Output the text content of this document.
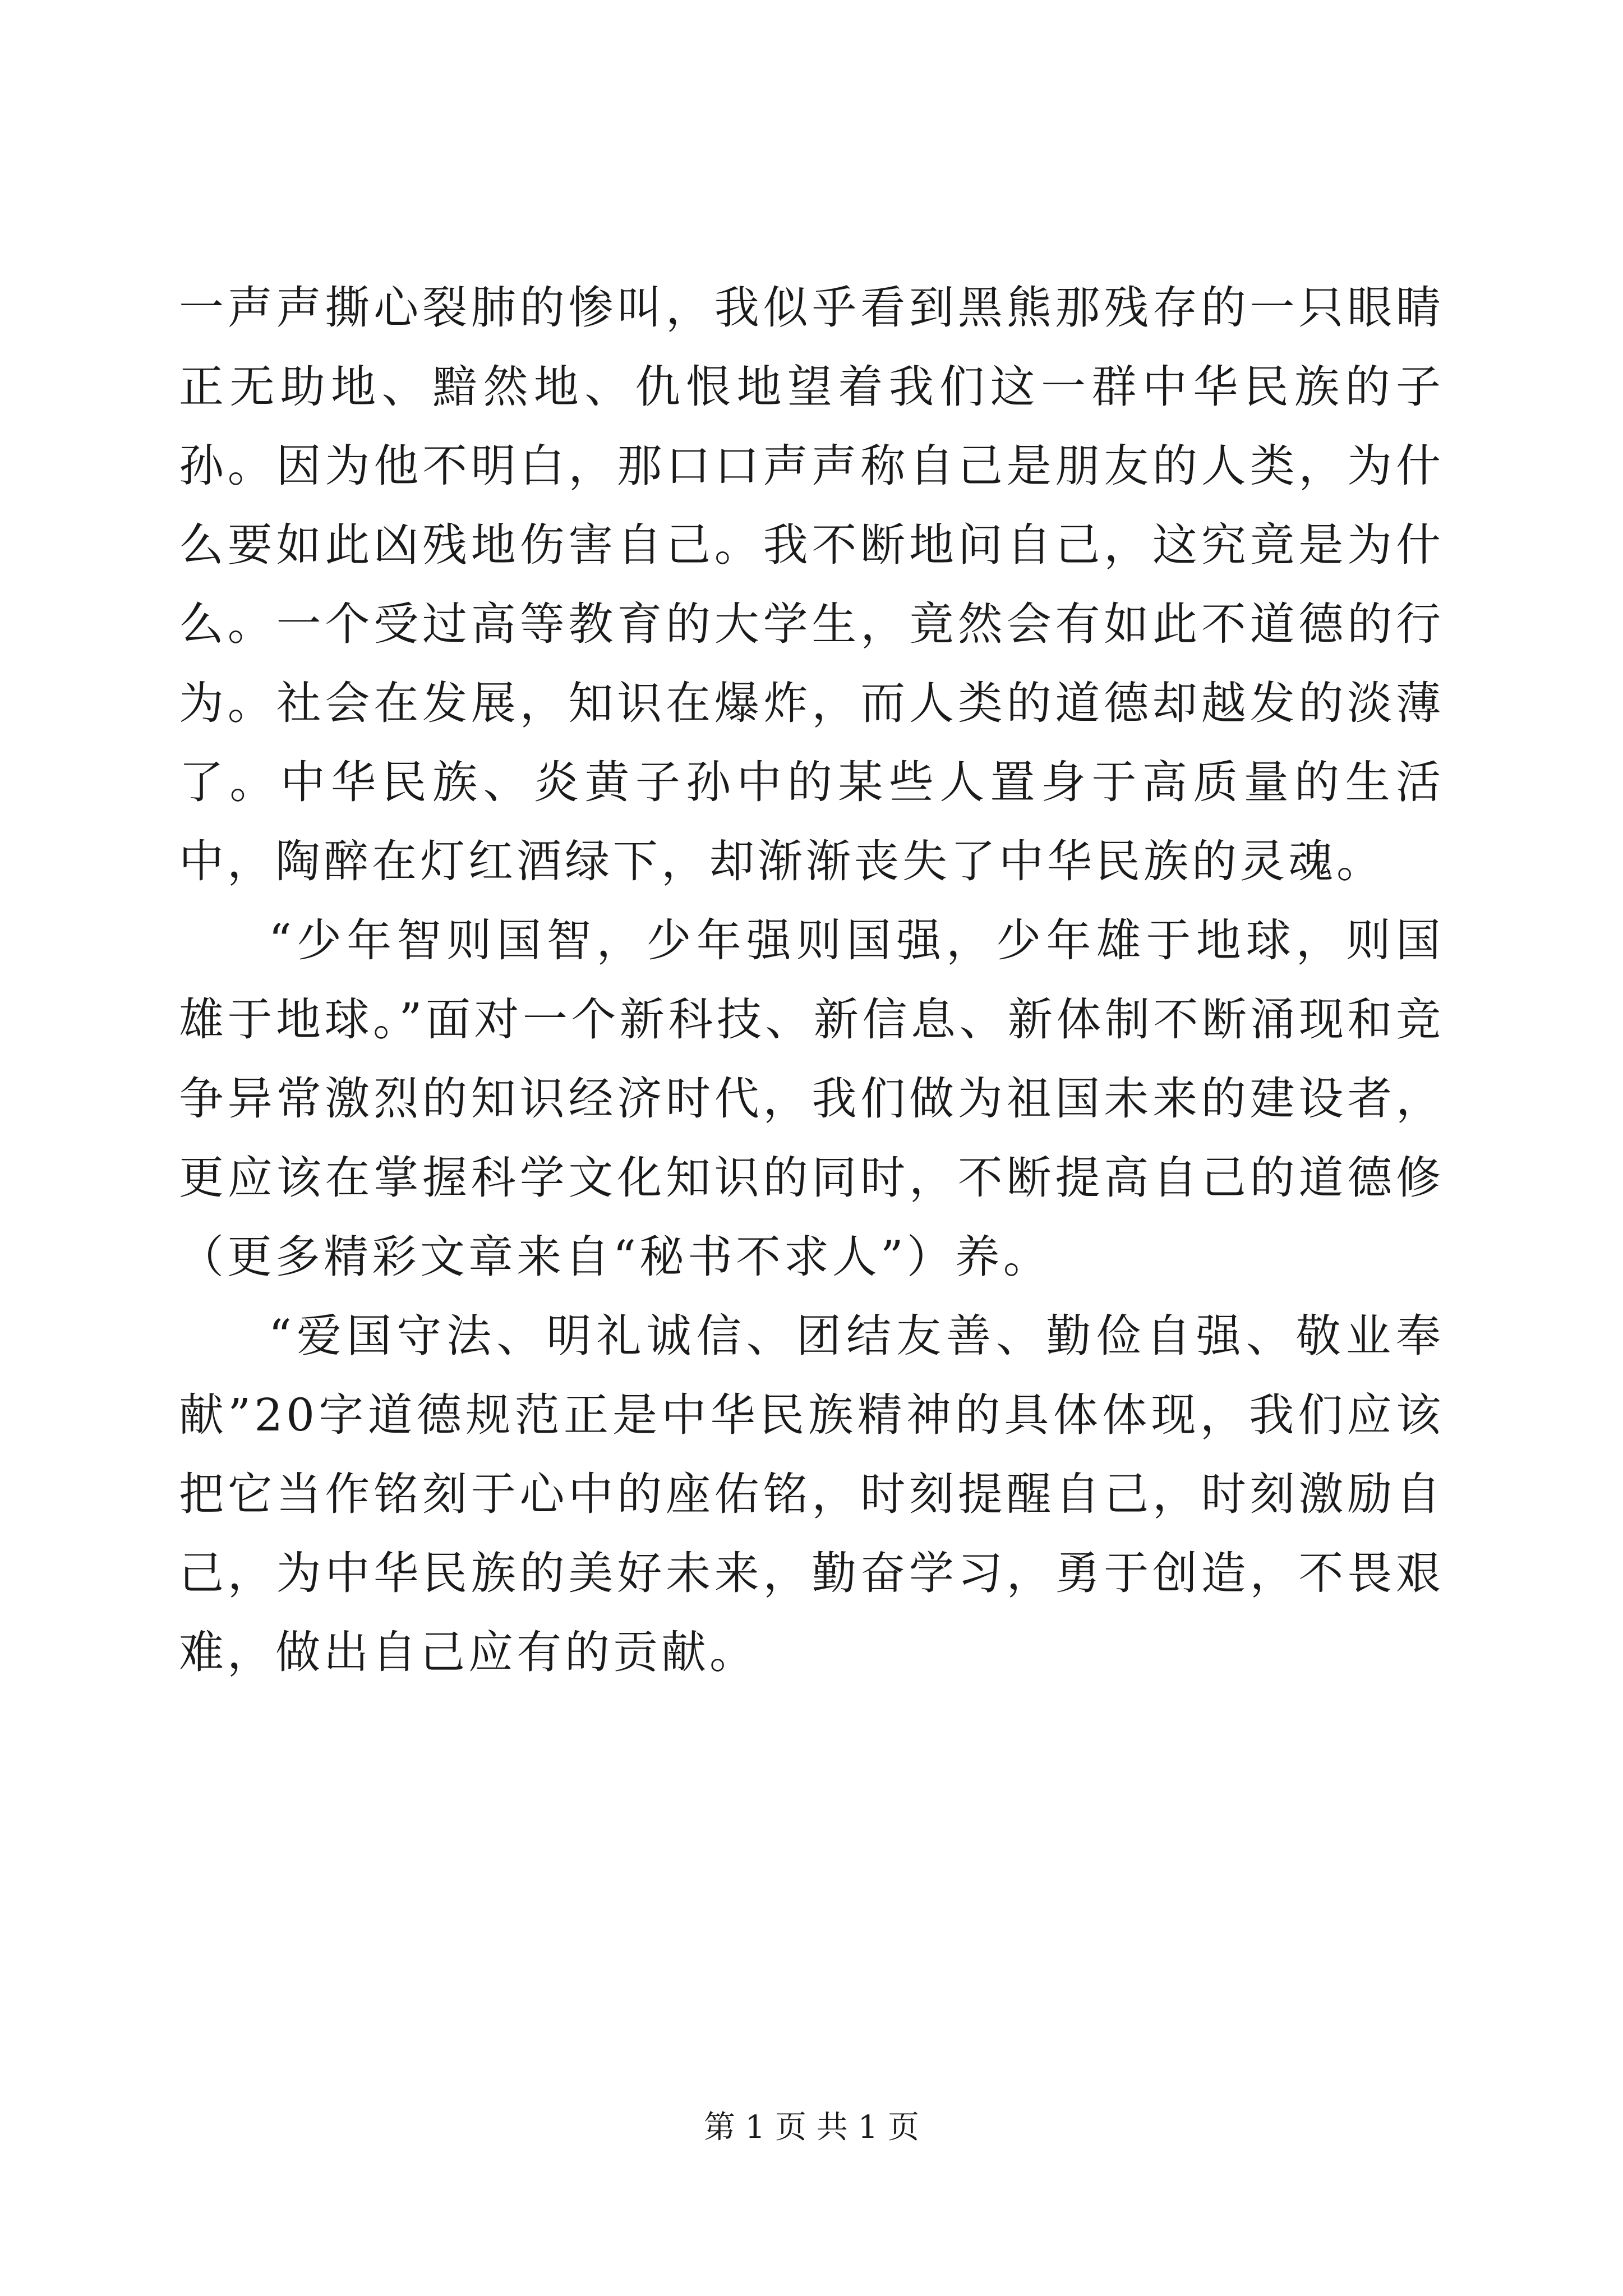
一声声撕心裂肺的惨叫，我似乎看到黑熊那残存的一只眼睛正无助地、黯然地、仇恨地望着我们这一群中华民族的子孙。因为他不明白，那口口声声称自己是朋友的人类，为什么要如此凶残地伤害自己。我不断地问自己，这究竟是为什么。一个受过高等教育的大学生，竟然会有如此不道德的行为。社会在发展，知识在爆炸，而人类的道德却越发的淡薄了。中华民族、炎黄子孙中的某些人置身于高质量的生活中，陶醉在灯红酒绿下，却渐渐丧失了中华民族的灵魂。

“少年智则国智，少年强则国强，少年雄于地球，则国雄于地球。”面对一个新科技、新信息、新体制不断涌现和竞争异常激烈的知识经济时代，我们做为祖国未来的建设者，更应该在掌握科学文化知识的同时，不断提高自己的道德修（更多精彩文章来自“秘书不求人”）养。

“爱国守法、明礼诚信、团结友善、勤俭自强、敬业奉献”20字道德规范正是中华民族精神的具体体现，我们应该把它当作铭刻于心中的座佑铭，时刻提醒自己，时刻激励自己，为中华民族的美好未来，勤奋学习，勇于创造，不畏艰难，做出自己应有的贡献。

第 1 页 共 1 页
